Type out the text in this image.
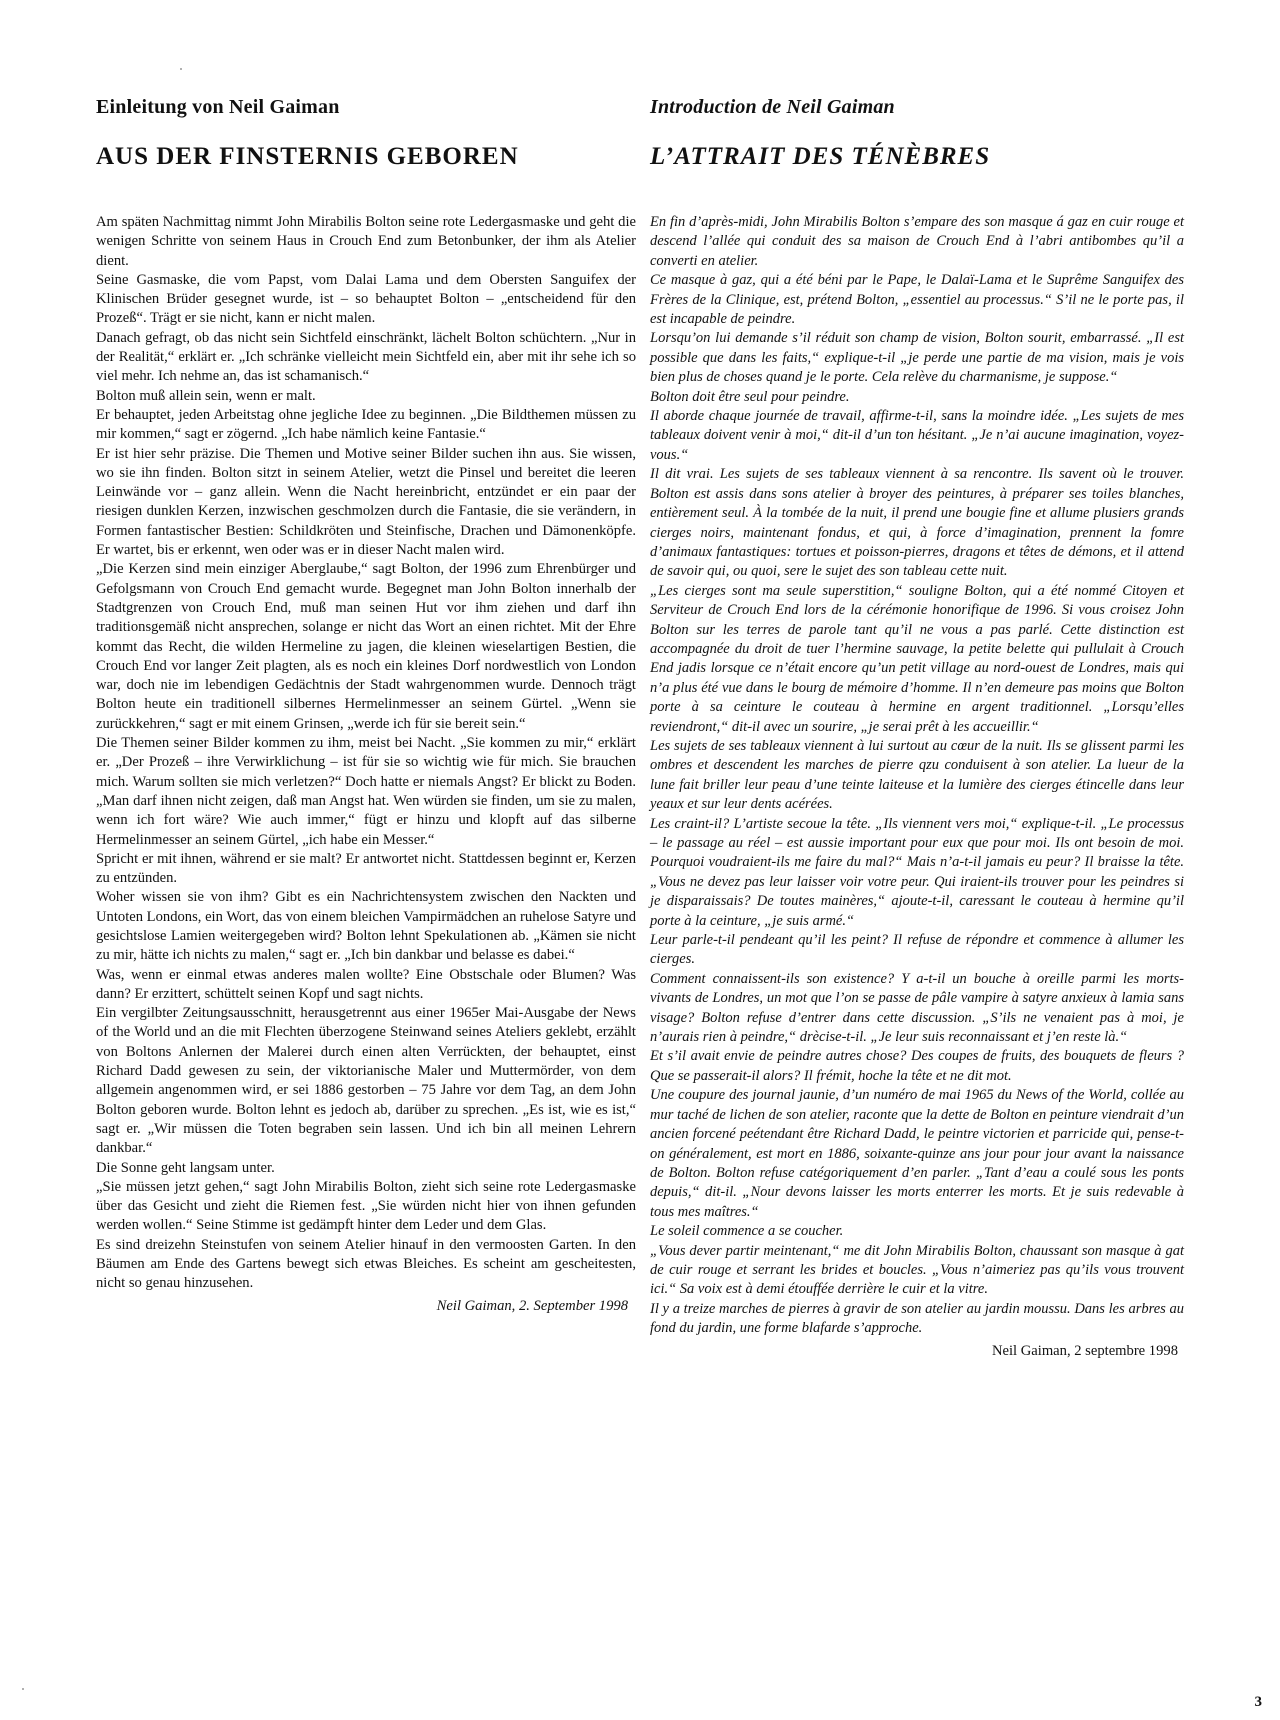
Einleitung von Neil Gaiman
AUS DER FINSTERNIS GEBOREN

Am späten Nachmittag nimmt John Mirabilis Bolton seine rote Ledergasmaske und geht die wenigen Schritte von seinem Haus in Crouch End zum Betonbunker, der ihm als Atelier dient.

Seine Gasmaske, die vom Papst, vom Dalai Lama und dem Obersten Sanguifex der Klinischen Brüder gesegnet wurde, ist – so behauptet Bolton – „entscheidend für den Prozeß“. Trägt er sie nicht, kann er nicht malen.

Danach gefragt, ob das nicht sein Sichtfeld einschränkt, lächelt Bolton schüchtern. „Nur in der Realität,“ erklärt er. „Ich schränke vielleicht mein Sichtfeld ein, aber mit ihr sehe ich so viel mehr. Ich nehme an, das ist schamanisch.“

Bolton muß allein sein, wenn er malt.

Er behauptet, jeden Arbeitstag ohne jegliche Idee zu beginnen. „Die Bildthemen müssen zu mir kommen,“ sagt er zögernd. „Ich habe nämlich keine Fantasie.“

Er ist hier sehr präzise. Die Themen und Motive seiner Bilder suchen ihn aus. Sie wissen, wo sie ihn finden. Bolton sitzt in seinem Atelier, wetzt die Pinsel und bereitet die leeren Leinwände vor – ganz allein. Wenn die Nacht hereinbricht, entzündet er ein paar der riesigen dunklen Kerzen, inzwischen geschmolzen durch die Fantasie, die sie verändern, in Formen fantastischer Bestien: Schildkröten und Steinfische, Drachen und Dämonenköpfe. Er wartet, bis er erkennt, wen oder was er in dieser Nacht malen wird.

„Die Kerzen sind mein einziger Aberglaube,“ sagt Bolton, der 1996 zum Ehrenbürger und Gefolgsmann von Crouch End gemacht wurde. Begegnet man John Bolton innerhalb der Stadtgrenzen von Crouch End, muß man seinen Hut vor ihm ziehen und darf ihn traditionsgemäß nicht ansprechen, solange er nicht das Wort an einen richtet. Mit der Ehre kommt das Recht, die wilden Hermeline zu jagen, die kleinen wieselartigen Bestien, die Crouch End vor langer Zeit plagten, als es noch ein kleines Dorf nordwestlich von London war, doch nie im lebendigen Gedächtnis der Stadt wahrgenommen wurde. Dennoch trägt Bolton heute ein traditionell silbernes Hermelinmesser an seinem Gürtel. „Wenn sie zurückkehren,“ sagt er mit einem Grinsen, „werde ich für sie bereit sein.“

Die Themen seiner Bilder kommen zu ihm, meist bei Nacht. „Sie kommen zu mir,“ erklärt er. „Der Prozeß – ihre Verwirklichung – ist für sie so wichtig wie für mich. Sie brauchen mich. Warum sollten sie mich verletzen?“ Doch hatte er niemals Angst? Er blickt zu Boden. „Man darf ihnen nicht zeigen, daß man Angst hat. Wen würden sie finden, um sie zu malen, wenn ich fort wäre? Wie auch immer,“ fügt er hinzu und klopft auf das silberne Hermelinmesser an seinem Gürtel, „ich habe ein Messer.“

Spricht er mit ihnen, während er sie malt? Er antwortet nicht. Stattdessen beginnt er, Kerzen zu entzünden.

Woher wissen sie von ihm? Gibt es ein Nachrichtensystem zwischen den Nackten und Untoten Londons, ein Wort, das von einem bleichen Vampirmädchen an ruhelose Satyre und gesichtslose Lamien weitergegeben wird? Bolton lehnt Spekulationen ab. „Kämen sie nicht zu mir, hätte ich nichts zu malen,“ sagt er. „Ich bin dankbar und belasse es dabei.“

Was, wenn er einmal etwas anderes malen wollte? Eine Obstschale oder Blumen? Was dann? Er erzittert, schüttelt seinen Kopf und sagt nichts.

Ein vergilbter Zeitungsausschnitt, herausgetrennt aus einer 1965er Mai-Ausgabe der News of the World und an die mit Flechten überzogene Steinwand seines Ateliers geklebt, erzählt von Boltons Anlernen der Malerei durch einen alten Verrückten, der behauptet, einst Richard Dadd gewesen zu sein, der viktorianische Maler und Muttermörder, von dem allgemein angenommen wird, er sei 1886 gestorben – 75 Jahre vor dem Tag, an dem John Bolton geboren wurde. Bolton lehnt es jedoch ab, darüber zu sprechen. „Es ist, wie es ist,“ sagt er. „Wir müssen die Toten begraben sein lassen. Und ich bin all meinen Lehrern dankbar.“

Die Sonne geht langsam unter.

„Sie müssen jetzt gehen,“ sagt John Mirabilis Bolton, zieht sich seine rote Ledergasmaske über das Gesicht und zieht die Riemen fest. „Sie würden nicht hier von ihnen gefunden werden wollen.“ Seine Stimme ist gedämpft hinter dem Leder und dem Glas.

Es sind dreizehn Steinstufen von seinem Atelier hinauf in den vermoosten Garten. In den Bäumen am Ende des Gartens bewegt sich etwas Bleiches. Es scheint am gescheitesten, nicht so genau hinzusehen.

Neil Gaiman, 2. September 1998
Introduction de Neil Gaiman
L’ATTRAIT DES TÉNÈBRES

En fin d’après-midi, John Mirabilis Bolton s’empare des son masque á gaz en cuir rouge et descend l’allée qui conduit des sa maison de Crouch End à l’abri antibombes qu’il a converti en atelier.

Ce masque à gaz, qui a été béni par le Pape, le Dalaï-Lama et le Suprême Sanguifex des Frères de la Clinique, est, prétend Bolton, „essentiel au processus.“ S’il ne le porte pas, il est incapable de peindre.

Lorsqu’on lui demande s’il réduit son champ de vision, Bolton sourit, embarrassé. „Il est possible que dans les faits,“ explique-t-il „je perde une partie de ma vision, mais je vois bien plus de choses quand je le porte. Cela relève du charmanisme, je suppose.“

Bolton doit être seul pour peindre.

Il aborde chaque journée de travail, affirme-t-il, sans la moindre idée. „Les sujets de mes tableaux doivent venir à moi,“ dit-il d’un ton hésitant. „Je n’ai aucune imagination, voyez-vous.“

Il dit vrai. Les sujets de ses tableaux viennent à sa rencontre. Ils savent où le trouver. Bolton est assis dans sons atelier à broyer des peintures, à préparer ses toiles blanches, entièrement seul. À la tombée de la nuit, il prend une bougie fine et allume plusiers grands cierges noirs, maintenant fondus, et qui, à force d’imagination, prennent la fomre d’animaux fantastiques: tortues et poisson-pierres, dragons et têtes de démons, et il attend de savoir qui, ou quoi, sere le sujet des son tableau cette nuit.

„Les cierges sont ma seule superstition,“ souligne Bolton, qui a été nommé Citoyen et Serviteur de Crouch End lors de la cérémonie honorifique de 1996. Si vous croisez John Bolton sur les terres de parole tant qu’il ne vous a pas parlé. Cette distinction est accompagnée du droit de tuer l’hermine sauvage, la petite belette qui pullulait à Crouch End jadis lorsque ce n’était encore qu’un petit village au nord-ouest de Londres, mais qui n’a plus été vue dans le bourg de mémoire d’homme. Il n’en demeure pas moins que Bolton porte à sa ceinture le couteau à hermine en argent traditionnel. „Lorsqu’elles reviendront,“ dit-il avec un sourire, „je serai prêt à les accueillir.“

Les sujets de ses tableaux viennent à lui surtout au cœur de la nuit. Ils se glissent parmi les ombres et descendent les marches de pierre qzu conduisent à son atelier. La lueur de la lune fait briller leur peau d’une teinte laiteuse et la lumière des cierges étincelle dans leur yeaux et sur leur dents acérées.

Les craint-il? L’artiste secoue la tête. „Ils viennent vers moi,“ explique-t-il. „Le processus – le passage au réel – est aussie important pour eux que pour moi. Ils ont besoin de moi. Pourquoi voudraient-ils me faire du mal?“ Mais n’a-t-il jamais eu peur? Il braisse la tête. „Vous ne devez pas leur laisser voir votre peur. Qui iraient-ils trouver pour les peindres si je disparaissais? De toutes mainères,“ ajoute-t-il, caressant le couteau à hermine qu’il porte à la ceinture, „je suis armé.“

Leur parle-t-il pendeant qu’il les peint? Il refuse de répondre et commence à allumer les cierges.

Comment connaissent-ils son existence? Y a-t-il un bouche à oreille parmi les morts-vivants de Londres, un mot que l’on se passe de pâle vampire à satyre anxieux à lamia sans visage? Bolton refuse d’entrer dans cette discussion. „S’ils ne venaient pas à moi, je n’aurais rien à peindre,“ drècise-t-il. „Je leur suis reconnaissant et j’en reste là.“

Et s’il avait envie de peindre autres chose? Des coupes de fruits, des bouquets de fleurs ? Que se passerait-il alors? Il frémit, hoche la tête et ne dit mot.

Une coupure des journal jaunie, d’un numéro de mai 1965 du News of the World, collée au mur taché de lichen de son atelier, raconte que la dette de Bolton en peinture viendrait d’un ancien forcené peétendant être Richard Dadd, le peintre victorien et parricide qui, pense-t-on généralement, est mort en 1886, soixante-quinze ans jour pour jour avant la naissance de Bolton. Bolton refuse catégoriquement d’en parler. „Tant d’eau a coulé sous les ponts depuis,“ dit-il. „Nour devons laisser les morts enterrer les morts. Et je suis redevable à tous mes maîtres.“

Le soleil commence a se coucher.

„Vous dever partir meintenant,“ me dit John Mirabilis Bolton, chaussant son masque à gat de cuir rouge et serrant les brides et boucles. „Vous n’aimeriez pas qu’ils vous trouvent ici.“ Sa voix est à demi étouffée derrière le cuir et la vitre.

Il y a treize marches de pierres à gravir de son atelier au jardin moussu. Dans les arbres au fond du jardin, une forme blafarde s’approche.

Neil Gaiman, 2 septembre 1998
3
